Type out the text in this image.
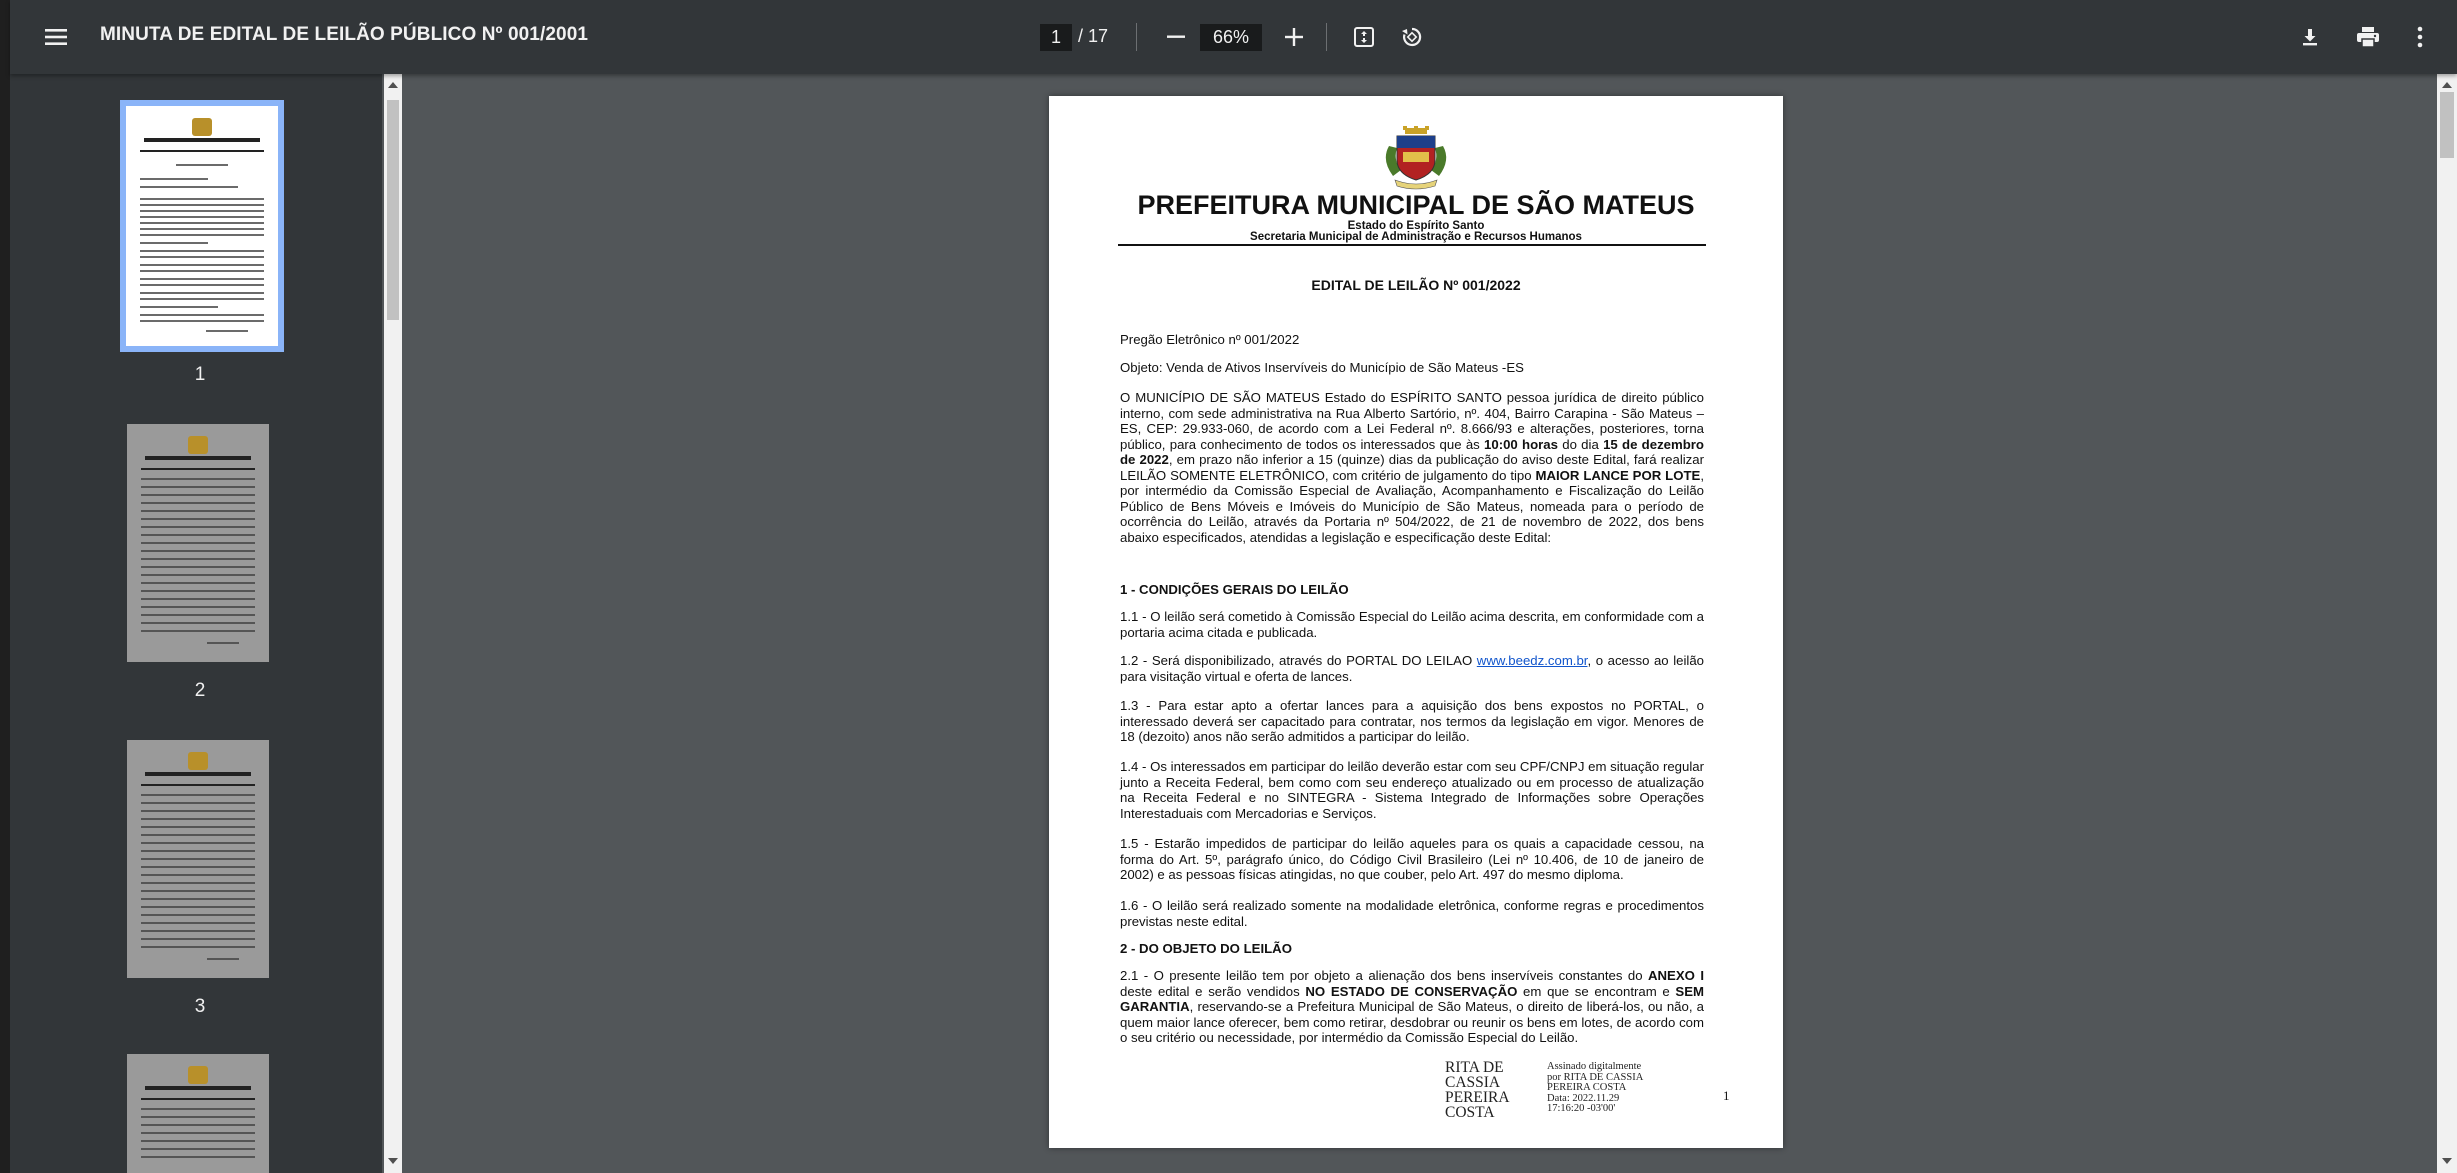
MINUTA DE EDITAL DE LEILÃO PÚBLICO Nº 001/2001	1 / 17	66%
1
2
3
PREFEITURA MUNICIPAL DE SÃO MATEUS
Estado do Espírito Santo
Secretaria Municipal de Administração e Recursos Humanos
EDITAL DE LEILÃO Nº 001/2022
Pregão Eletrônico nº 001/2022
Objeto: Venda de Ativos Inservíveis do Município de São Mateus -ES
O MUNICÍPIO DE SÃO MATEUS Estado do ESPÍRITO SANTO pessoa jurídica de direito público interno, com sede administrativa na Rua Alberto Sartório, nº. 404, Bairro Carapina - São Mateus – ES, CEP: 29.933-060, de acordo com a Lei Federal nº. 8.666/93 e alterações, posteriores, torna público, para conhecimento de todos os interessados que às 10:00 horas do dia 15 de dezembro de 2022, em prazo não inferior a 15 (quinze) dias da publicação do aviso deste Edital, fará realizar LEILÃO SOMENTE ELETRÔNICO, com critério de julgamento do tipo MAIOR LANCE POR LOTE, por intermédio da Comissão Especial de Avaliação, Acompanhamento e Fiscalização do Leilão Público de Bens Móveis e Imóveis do Município de São Mateus, nomeada para o período de ocorrência do Leilão, através da Portaria nº 504/2022, de 21 de novembro de 2022, dos bens abaixo especificados, atendidas a legislação e especificação deste Edital:
1 - CONDIÇÕES GERAIS DO LEILÃO
1.1 - O leilão será cometido à Comissão Especial do Leilão acima descrita, em conformidade com a portaria acima citada e publicada.
1.2 - Será disponibilizado, através do PORTAL DO LEILAO www.beedz.com.br, o acesso ao leilão para visitação virtual e oferta de lances.
1.3 - Para estar apto a ofertar lances para a aquisição dos bens expostos no PORTAL, o interessado deverá ser capacitado para contratar, nos termos da legislação em vigor. Menores de 18 (dezoito) anos não serão admitidos a participar do leilão.
1.4 - Os interessados em participar do leilão deverão estar com seu CPF/CNPJ em situação regular junto a Receita Federal, bem como com seu endereço atualizado ou em processo de atualização na Receita Federal e no SINTEGRA - Sistema Integrado de Informações sobre Operações Interestaduais com Mercadorias e Serviços.
1.5 - Estarão impedidos de participar do leilão aqueles para os quais a capacidade cessou, na forma do Art. 5º, parágrafo único, do Código Civil Brasileiro (Lei nº 10.406, de 10 de janeiro de 2002) e as pessoas físicas atingidas, no que couber, pelo Art. 497 do mesmo diploma.
1.6 - O leilão será realizado somente na modalidade eletrônica, conforme regras e procedimentos previstas neste edital.
2 - DO OBJETO DO LEILÃO
2.1 - O presente leilão tem por objeto a alienação dos bens inservíveis constantes do ANEXO I deste edital e serão vendidos NO ESTADO DE CONSERVAÇÃO em que se encontram e SEM GARANTIA, reservando-se a Prefeitura Municipal de São Mateus, o direito de liberá-los, ou não, a quem maior lance oferecer, bem como retirar, desdobrar ou reunir os bens em lotes, de acordo com o seu critério ou necessidade, por intermédio da Comissão Especial do Leilão.
RITA DE
CASSIA
PEREIRA
COSTA
Assinado digitalmente
por RITA DE CASSIA
PEREIRA COSTA
Data: 2022.11.29
17:16:20 -03'00'
1
